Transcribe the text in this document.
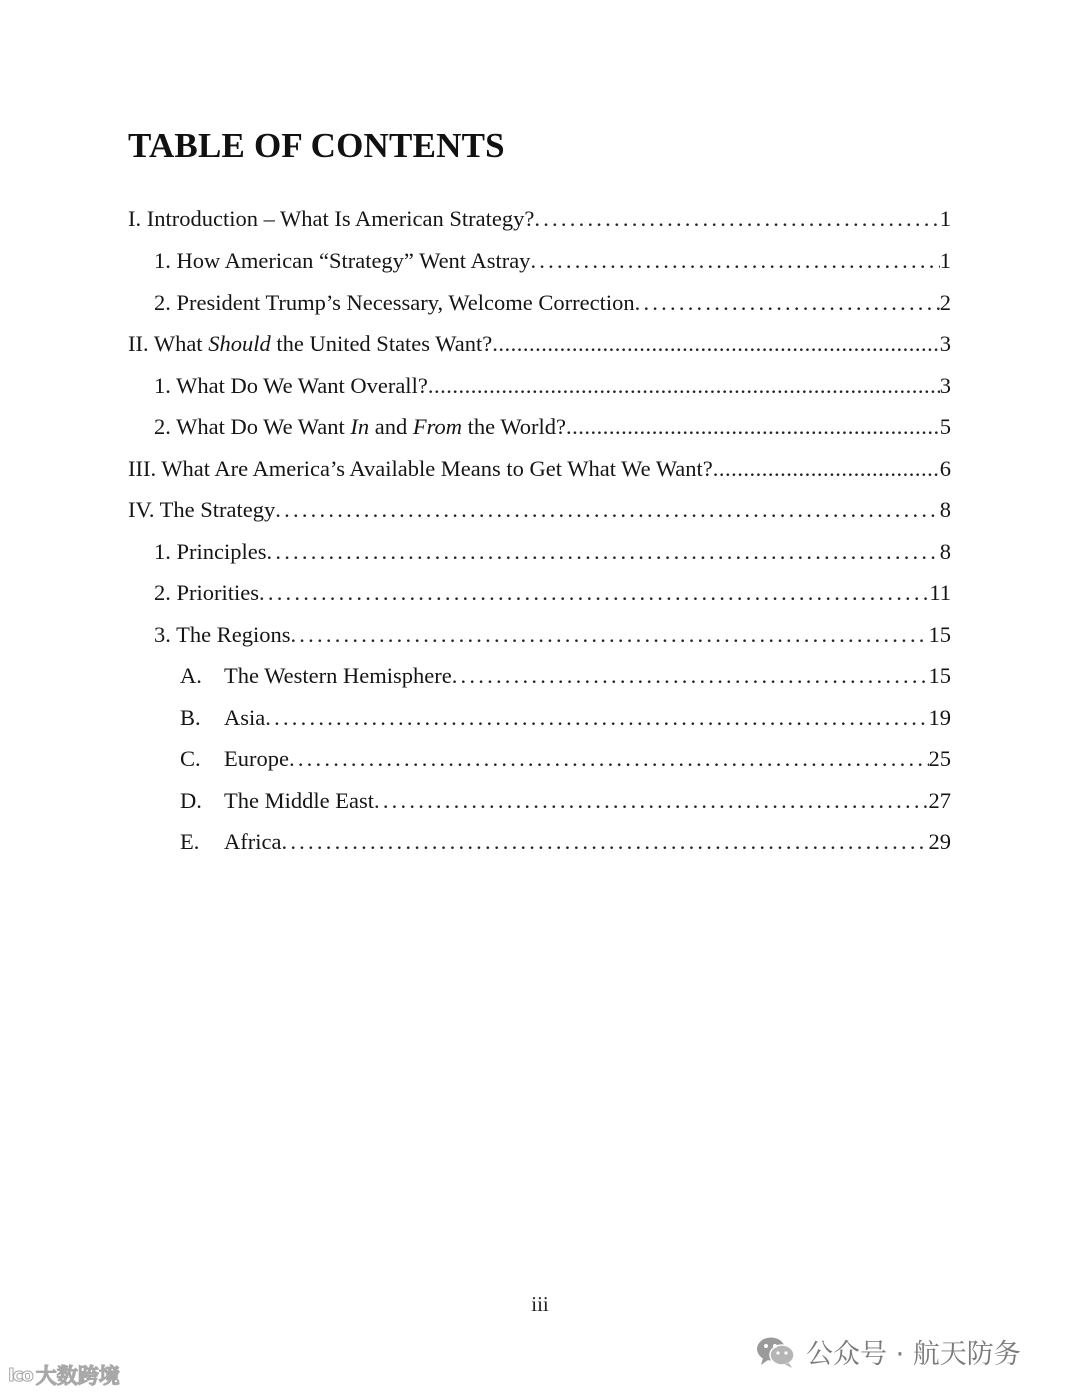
TABLE OF CONTENTS
I. Introduction – What Is American Strategy? . . .	1
1. How American “Strategy” Went Astray . . .	1
2. President Trump’s Necessary, Welcome Correction . . .	2
II. What Should the United States Want? .....	3
1. What Do We Want Overall? .....	3
2. What Do We Want In and From the World? .....	5
III. What Are America’s Available Means to Get What We Want? .....	6
IV. The Strategy . . .	8
1. Principles . . .	8
2. Priorities . . .	11
3. The Regions . . .	15
A. The Western Hemisphere . . .	15
B. Asia . . .	19
C. Europe . . .	25
D. The Middle East . . .	27
E. Africa . . .	29
iii
Ico 大数跨境
公众号 · 航天防务
